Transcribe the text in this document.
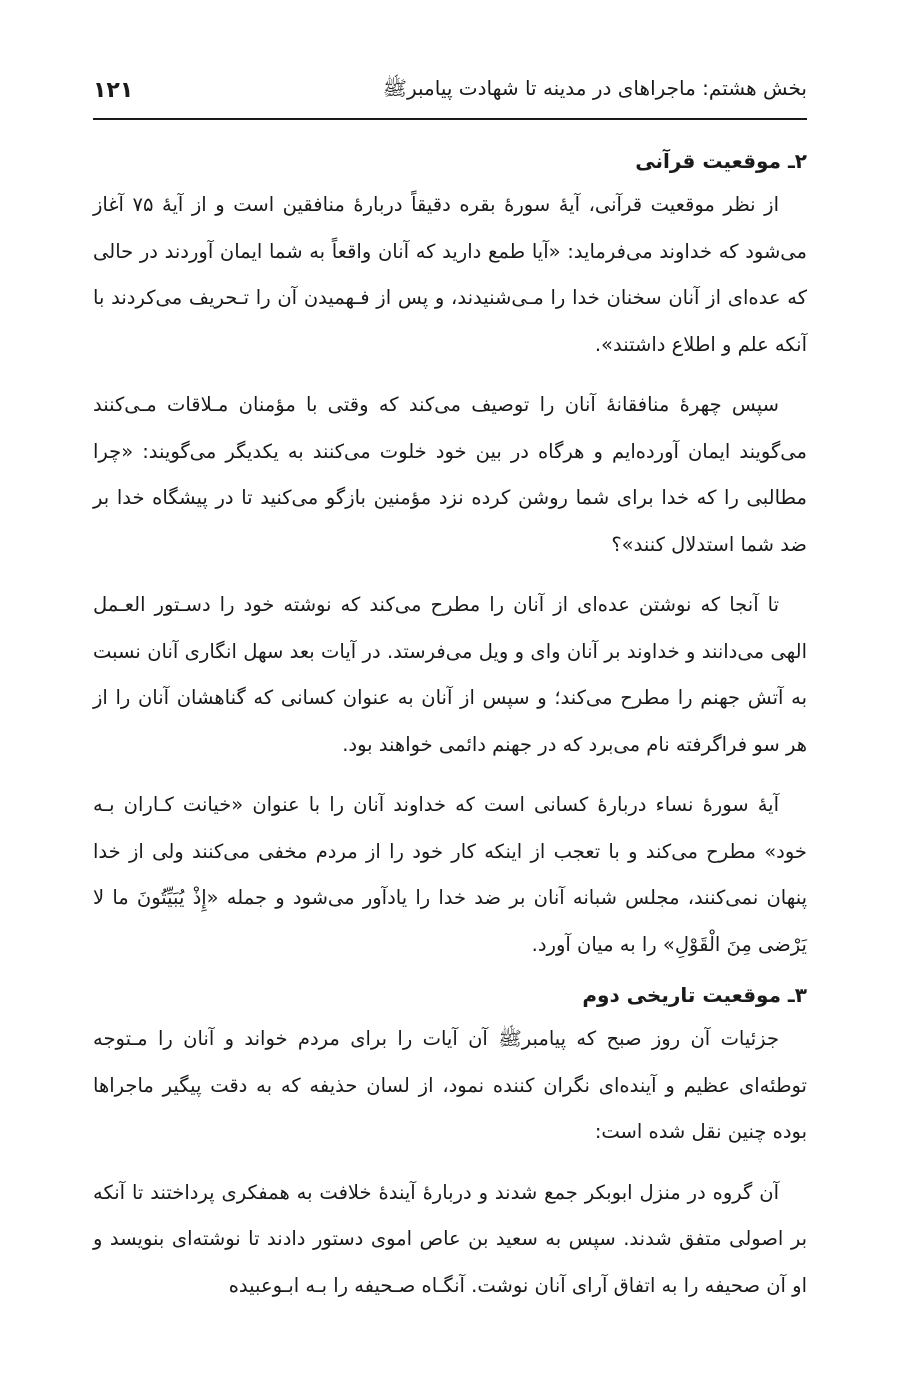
بخش هشتم: ماجراهای در مدینه تا شهادت پیامبرﷺ
۱۲۱
۲ـ موقعیت قرآنی

از نظر موقعیت قرآنی، آیهٔ سورهٔ بقره دقیقاً دربارهٔ منافقین است و از آیهٔ ۷۵ آغاز می‌شود که خداوند می‌فرماید: «آیا طمع دارید که آنان واقعاً به شما ایمان آوردند در حالی که عده‌ای از آنان سخنان خدا را مـی‌شنیدند، و پس از فـهمیدن آن را تـحریف می‌کردند با آنکه علم و اطلاع داشتند».

سپس چهرهٔ منافقانهٔ آنان را توصیف می‌کند که وقتی با مؤمنان مـلاقات مـی‌کنند می‌گویند ایمان آورده‌ایم و هرگاه در بین خود خلوت می‌کنند به یکدیگر می‌گویند: «چرا مطالبی را که خدا برای شما روشن کرده نزد مؤمنین بازگو می‌کنید تا در پیشگاه خدا بر ضد شما استدلال کنند»؟

تا آنجا که نوشتن عده‌ای از آنان را مطرح می‌کند که نوشته خود را دسـتور العـمل الهی می‌دانند و خداوند بر آنان وای و ویل می‌فرستد. در آیات بعد سهل انگاری آنان نسبت به آتش جهنم را مطرح می‌کند؛ و سپس از آنان به عنوان کسانی که گناهشان آنان را از هر سو فراگرفته نام می‌برد که در جهنم دائمی خواهند بود.

آیهٔ سورهٔ نساء دربارهٔ کسانی است که خداوند آنان را با عنوان «خیانت کـاران بـه خود» مطرح می‌کند و با تعجب از اینکه کار خود را از مردم مخفی می‌کنند ولی از خدا پنهان نمی‌کنند، مجلس شبانه آنان بر ضد خدا را یادآور می‌شود و جمله «إِذْ یُبَیِّتُونَ ما لا یَرْضی مِنَ الْقَوْلِ» را به میان آورد.

۳ـ موقعیت تاریخی دوم

جزئیات آن روز صبح که پیامبرﷺ آن آیات را برای مردم خواند و آنان را مـتوجه توطئه‌ای عظیم و آینده‌ای نگران کننده نمود، از لسان حذیفه که به دقت پیگیر ماجراها بوده چنین نقل شده است:

آن گروه در منزل ابوبکر جمع شدند و دربارهٔ آیندهٔ خلافت به همفکری پرداختند تا آنکه بر اصولی متفق شدند. سپس به سعید بن عاص اموی دستور دادند تا نوشته‌ای بنویسد و او آن صحیفه را به اتفاق آرای آنان نوشت. آنگـاه صـحیفه را بـه ابـوعبیده
